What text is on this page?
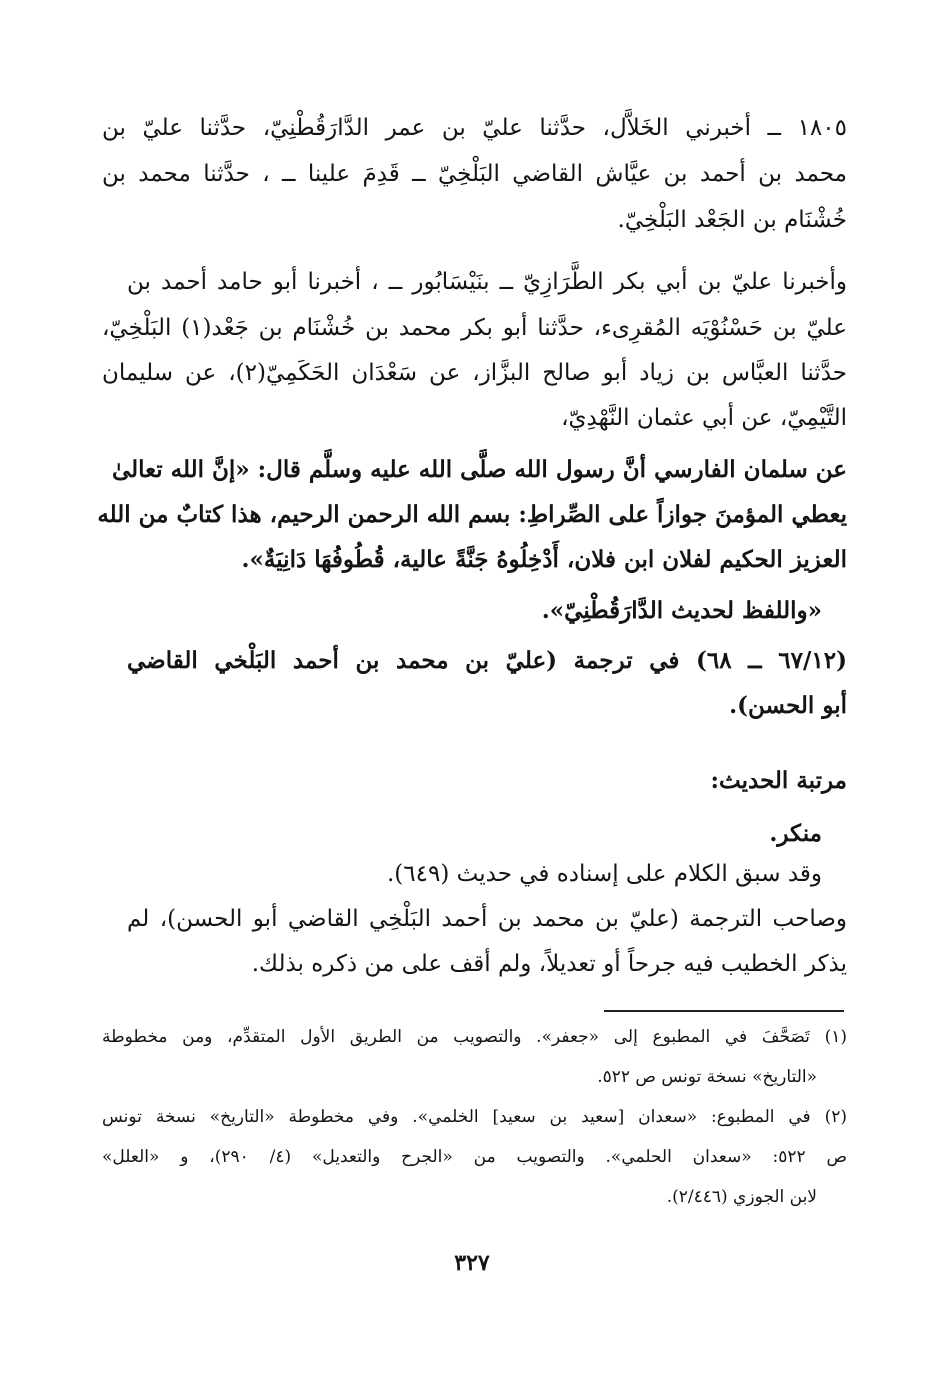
١٨٠٥ ــ أخبرني الخَلاَّل، حدَّثنا عليّ بن عمر الدَّارَقُطْنِيّ، حدَّثنا عليّ بن
محمد بن أحمد بن عيَّاش القاضي البَلْخِيّ ــ قَدِمَ علينا ــ ، حدَّثنا محمد بن
خُشْنَام بن الجَعْد البَلْخِيّ.
وأخبرنا عليّ بن أبي بكر الطَّرَازِيّ ــ بنَيْسَابُور ــ ، أخبرنا أبو حامد أحمد بن
عليّ بن حَسْنُوْيَه المُقرِىء، حدَّثنا أبو بكر محمد بن خُشْنَام بن جَعْد(١) البَلْخِيّ،
حدَّثنا العبَّاس بن زياد أبو صالح البزَّاز، عن سَعْدَان الحَكَمِيّ(٢)، عن سليمان
التَّيْمِيّ، عن أبي عثمان النَّهْدِيّ،
عن سلمان الفارسي أنَّ رسول الله صلَّى الله عليه وسلَّم قال: «إنَّ الله تعالىٰ
يعطي المؤمنَ جوازاً على الصِّراطِ: بسم الله الرحمن الرحيم، هذا كتابٌ من الله
العزيز الحكيم لفلان ابن فلان، أَدْخِلُوهُ جَنَّةً عالية، قُطُوفُهَا دَانِيَةٌ».
«واللفظ لحديث الدَّارَقُطْنِيّ».
(٦٧/١٢ ــ ٦٨) في ترجمة (عليّ بن محمد بن أحمد البَلْخي القاضي
أبو الحسن).
مرتبة الحديث:
منكر.
وقد سبق الكلام على إسناده في حديث (٦٤٩).
وصاحب الترجمة (عليّ بن محمد بن أحمد البَلْخِي القاضي أبو الحسن)، لم
يذكر الخطيب فيه جرحاً أو تعديلاً، ولم أقف على من ذكره بذلك.
(١) تَصَحَّفَ في المطبوع إلى «جعفر». والتصويب من الطريق الأول المتقدِّم، ومن مخطوطة
«التاريخ» نسخة تونس ص ٥٢٢.
(٢) في المطبوع: «سعدان [سعيد بن سعيد] الخلمي». وفي مخطوطة «التاريخ» نسخة تونس
ص ٥٢٢: «سعدان الحلمي». والتصويب من «الجرح والتعديل» (٤/ ٢٩٠)، و «العلل»
لابن الجوزي (٢/٤٤٦).
٣٢٧
